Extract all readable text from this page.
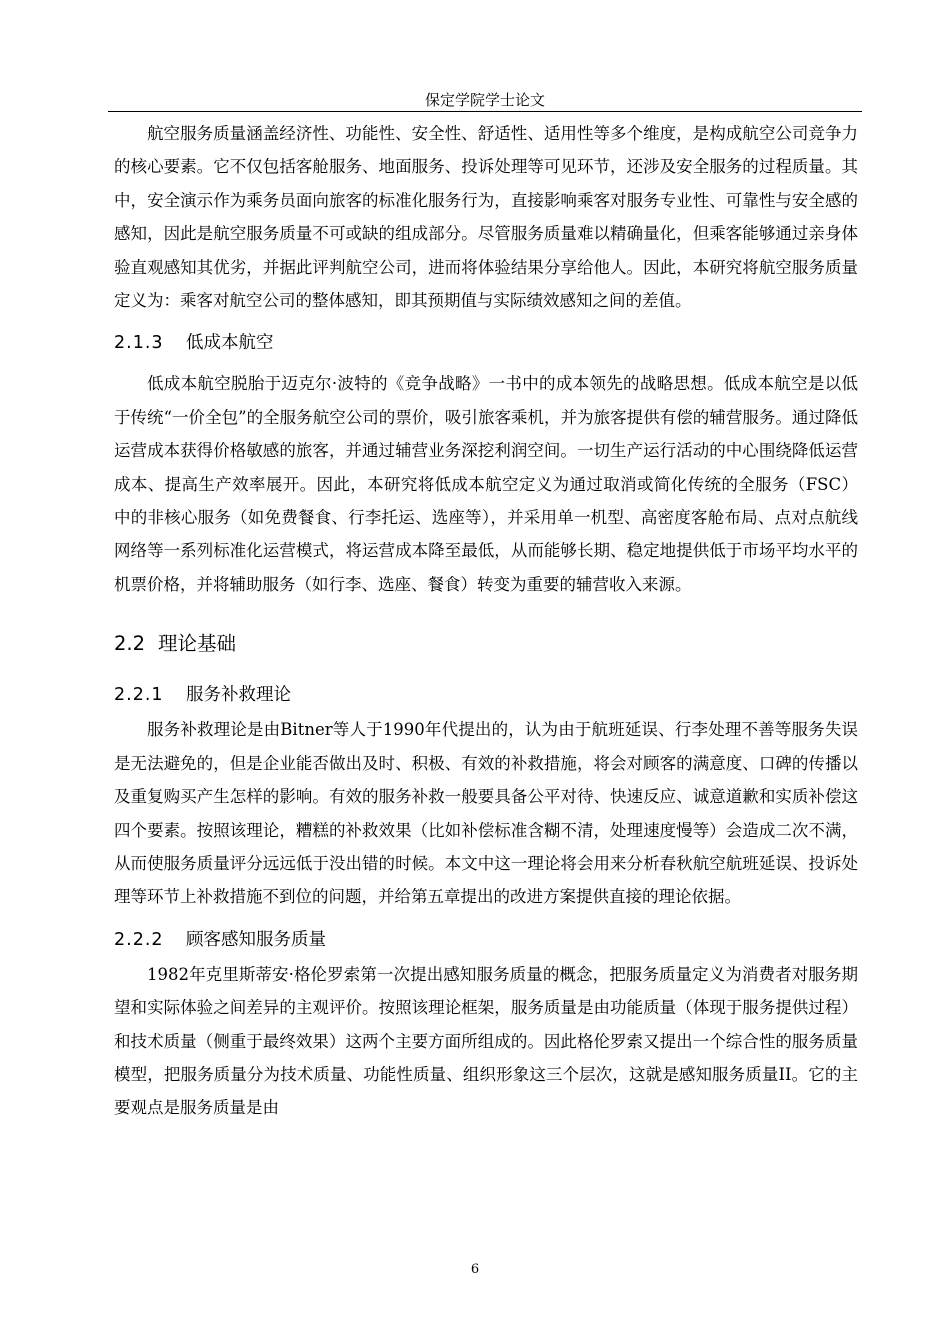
保定学院学士论文

航空服务质量涵盖经济性、功能性、安全性、舒适性、适用性等多个维度，是构成航空公司竞争力的核心要素。它不仅包括客舱服务、地面服务、投诉处理等可见环节，还涉及安全服务的过程质量。其中，安全演示作为乘务员面向旅客的标准化服务行为，直接影响乘客对服务专业性、可靠性与安全感的感知，因此是航空服务质量不可或缺的组成部分。尽管服务质量难以精确量化，但乘客能够通过亲身体验直观感知其优劣，并据此评判航空公司，进而将体验结果分享给他人。因此，本研究将航空服务质量定义为：乘客对航空公司的整体感知，即其预期值与实际绩效感知之间的差值。

2.1.3 低成本航空

低成本航空脱胎于迈克尔·波特的《竞争战略》一书中的成本领先的战略思想。低成本航空是以低于传统“一价全包”的全服务航空公司的票价，吸引旅客乘机，并为旅客提供有偿的辅营服务。通过降低运营成本获得价格敏感的旅客，并通过辅营业务深挖利润空间。一切生产运行活动的中心围绕降低运营成本、提高生产效率展开。因此，本研究将低成本航空定义为通过取消或简化传统的全服务（FSC）中的非核心服务（如免费餐食、行李托运、选座等），并采用单一机型、高密度客舱布局、点对点航线网络等一系列标准化运营模式，将运营成本降至最低，从而能够长期、稳定地提供低于市场平均水平的机票价格，并将辅助服务（如行李、选座、餐食）转变为重要的辅营收入来源。

2.2 理论基础
2.2.1 服务补救理论

服务补救理论是由Bitner等人于1990年代提出的，认为由于航班延误、行李处理不善等服务失误是无法避免的，但是企业能否做出及时、积极、有效的补救措施，将会对顾客的满意度、口碑的传播以及重复购买产生怎样的影响。有效的服务补救一般要具备公平对待、快速反应、诚意道歉和实质补偿这四个要素。按照该理论，糟糕的补救效果（比如补偿标准含糊不清，处理速度慢等）会造成二次不满，从而使服务质量评分远远低于没出错的时候。本文中这一理论将会用来分析春秋航空航班延误、投诉处理等环节上补救措施不到位的问题，并给第五章提出的改进方案提供直接的理论依据。

2.2.2 顾客感知服务质量

1982年克里斯蒂安·格伦罗索第一次提出感知服务质量的概念，把服务质量定义为消费者对服务期望和实际体验之间差异的主观评价。按照该理论框架，服务质量是由功能质量（体现于服务提供过程）和技术质量（侧重于最终效果）这两个主要方面所组成的。因此格伦罗索又提出一个综合性的服务质量模型，把服务质量分为技术质量、功能性质量、组织形象这三个层次，这就是感知服务质量II。它的主要观点是服务质量是由

6
